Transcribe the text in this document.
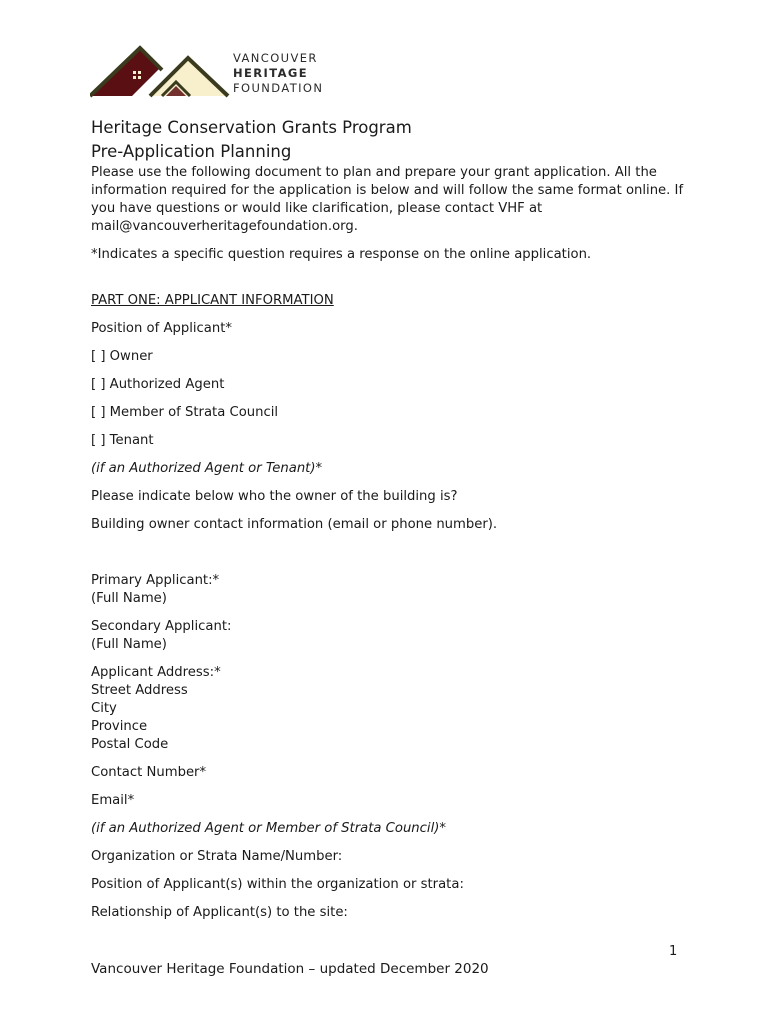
VANCOUVER
HERITAGE
FOUNDATION
Heritage Conservation Grants Program
Pre-Application Planning

Please use the following document to plan and prepare your grant application. All the information required for the application is below and will follow the same format online. If you have questions or would like clarification, please contact VHF at mail@vancouverheritagefoundation.org.

*Indicates a specific question requires a response on the online application.

PART ONE: APPLICANT INFORMATION

Position of Applicant*

[ ] Owner

[ ] Authorized Agent

[ ] Member of Strata Council

[ ] Tenant

(if an Authorized Agent or Tenant)*

Please indicate below who the owner of the building is?

Building owner contact information (email or phone number).

Primary Applicant:*
(Full Name)

Secondary Applicant:
(Full Name)

Applicant Address:*
Street Address
City
Province
Postal Code

Contact Number*

Email*

(if an Authorized Agent or Member of Strata Council)*

Organization or Strata Name/Number:

Position of Applicant(s) within the organization or strata:

Relationship of Applicant(s) to the site:

1
Vancouver Heritage Foundation – updated December 2020
